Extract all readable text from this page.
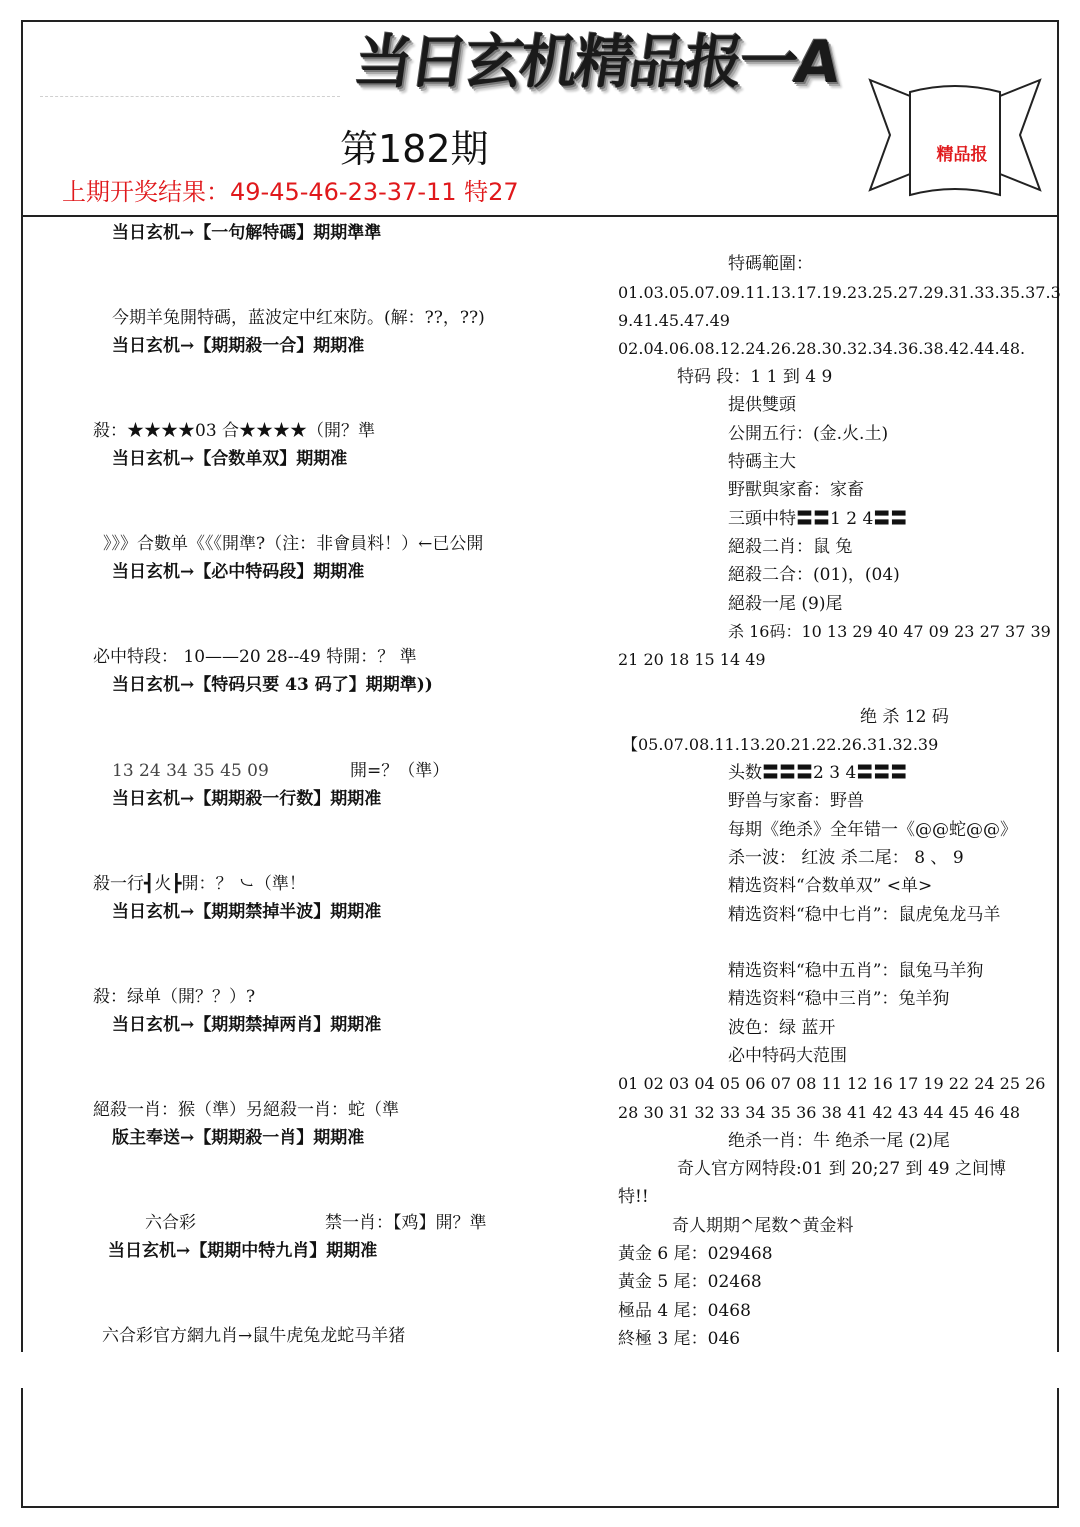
当日玄机精品报一A
第182期
上期开奖结果：49-45-46-23-37-11 特27
精品报
当日玄机→【一句解特碼】期期準準
今期羊兔開特碼，蓝波定中红來防。(解：??，??)
当日玄机→【期期殺一合】期期准
殺：★★★★03 合★★★★（開？準
当日玄机→【合数单双】期期准
》》》合數单《《《開準?（注：非會員料！）←已公開
当日玄机→【必中特码段】期期准
必中特段： 10——20 28--49 特開：？ 準
当日玄机→【特码只要 43 码了】期期準))
13 24 34 35 45 09	開=？（準）
当日玄机→【期期殺一行数】期期准
殺一行┫火┣開：？ ㇃（準！
当日玄机→【期期禁掉半波】期期准
殺：绿单（開？？）?
当日玄机→【期期禁掉两肖】期期准
絕殺一肖：猴（準）另絕殺一肖：蛇（準
版主奉送→【期期殺一肖】期期准
六合彩	禁一肖：【鸡】開？準
当日玄机→【期期中特九肖】期期准
六合彩官方網九肖→鼠牛虎兔龙蛇马羊猪
特碼範圍：
01.03.05.07.09.11.13.17.19.23.25.27.29.31.33.35.37.3
9.41.45.47.49
02.04.06.08.12.24.26.28.30.32.34.36.38.42.44.48.
特码 段：1 1 到 4 9
提供雙頭
公開五行：(金.火.土)
特碼主大
野獸與家畜：家畜
三頭中特〓〓1 2 4〓〓
絕殺二肖：鼠 兔
絕殺二合：(01)，(04)
絕殺一尾 (9)尾
杀 16码：10 13 29 40 47 09 23 27 37 39
21 20 18 15 14 49
绝 杀 12 码
【05.07.08.11.13.20.21.22.26.31.32.39
头数〓〓〓2 3 4〓〓〓
野兽与家畜：野兽
每期《绝杀》全年错一《@@蛇@@》
杀一波： 红波 杀二尾： 8 、 9
精选资料“合数单双” <单>
精选资料“稳中七肖”：鼠虎兔龙马羊
精选资料“稳中五肖”：鼠兔马羊狗
精选资料“稳中三肖”：兔羊狗
波色：绿 蓝开
必中特码大范围
01 02 03 04 05 06 07 08 11 12 16 17 19 22 24 25 26
28 30 31 32 33 34 35 36 38 41 42 43 44 45 46 48
绝杀一肖：牛 绝杀一尾 (2)尾
奇人官方网特段:01 到 20;27 到 49 之间博
特!!
奇人期期^尾数^黄金料
黃金 6 尾：029468
黃金 5 尾：02468
極品 4 尾：0468
終極 3 尾：046
